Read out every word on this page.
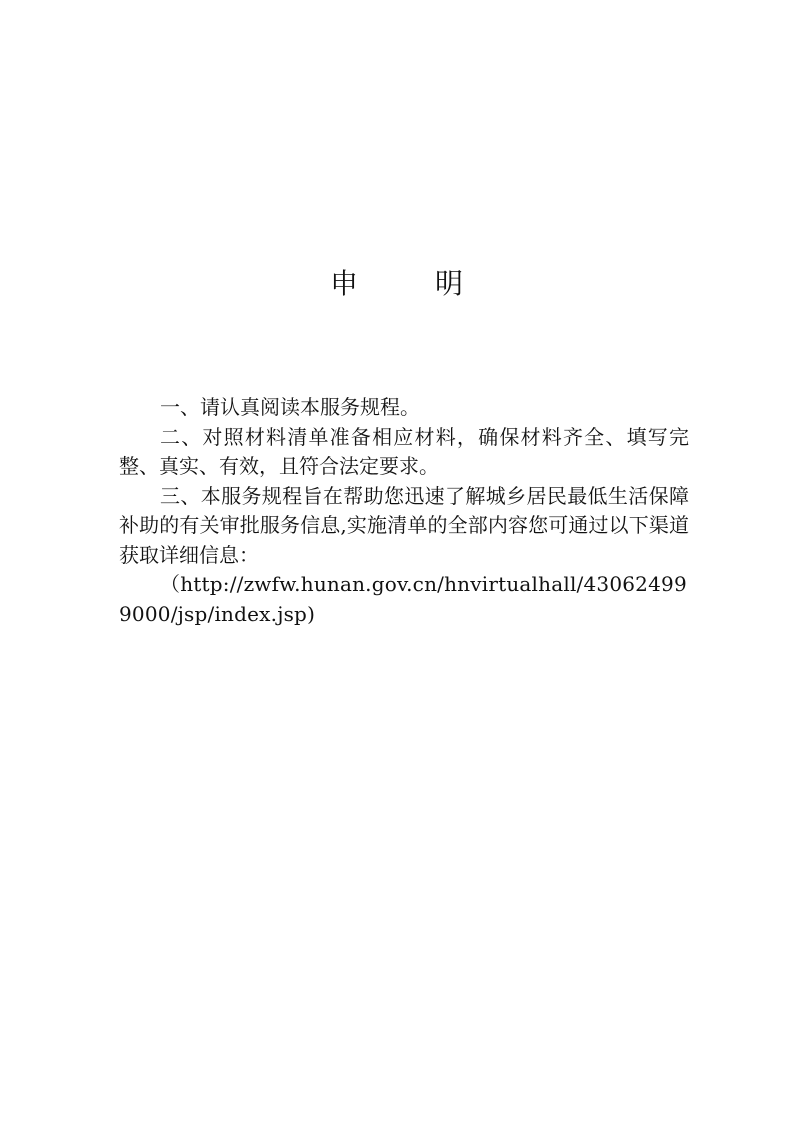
申 明

一、请认真阅读本服务规程。

二、对照材料清单准备相应材料，确保材料齐全、填写完整、真实、有效，且符合法定要求。

三、本服务规程旨在帮助您迅速了解城乡居民最低生活保障补助的有关审批服务信息,实施清单的全部内容您可通过以下渠道获取详细信息：

（http://zwfw.hunan.gov.cn/hnvirtualhall/430624999000/jsp/index.jsp)
